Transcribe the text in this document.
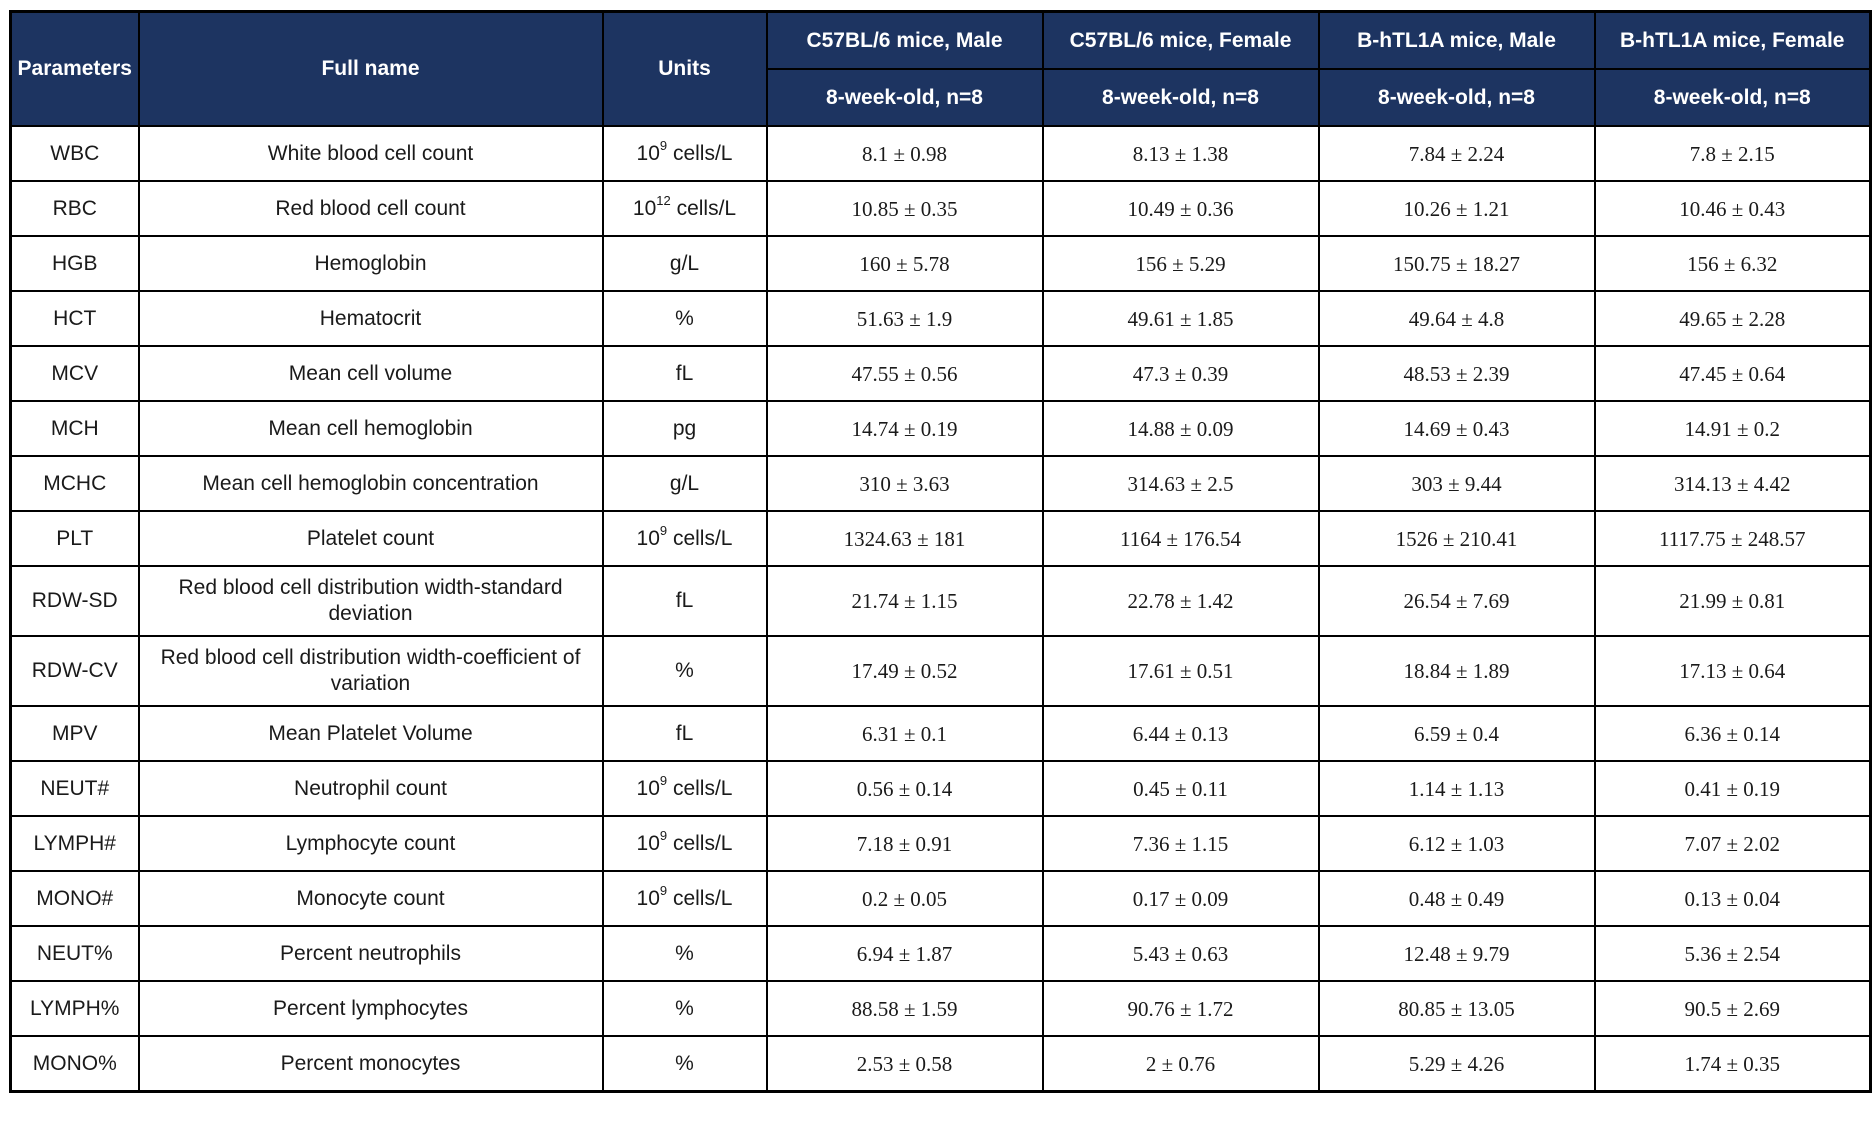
Parameters	Full name	Units	C57BL/6 mice, Male	C57BL/6 mice, Female	B-hTL1A mice, Male	B-hTL1A mice, Female
			8-week-old, n=8	8-week-old, n=8	8-week-old, n=8	8-week-old, n=8
WBC	White blood cell count	$10^9$ cells/L	8.1 ± 0.98	8.13 ± 1.38	7.84 ± 2.24	7.8 ± 2.15
RBC	Red blood cell count	$10^{12}$ cells/L	10.85 ± 0.35	10.49 ± 0.36	10.26 ± 1.21	10.46 ± 0.43
HGB	Hemoglobin	g/L	160 ± 5.78	156 ± 5.29	150.75 ± 18.27	156 ± 6.32
HCT	Hematocrit	%	51.63 ± 1.9	49.61 ± 1.85	49.64 ± 4.8	49.65 ± 2.28
MCV	Mean cell volume	fL	47.55 ± 0.56	47.3 ± 0.39	48.53 ± 2.39	47.45 ± 0.64
MCH	Mean cell hemoglobin	pg	14.74 ± 0.19	14.88 ± 0.09	14.69 ± 0.43	14.91 ± 0.2
MCHC	Mean cell hemoglobin concentration	g/L	310 ± 3.63	314.63 ± 2.5	303 ± 9.44	314.13 ± 4.42
PLT	Platelet count	$10^9$ cells/L	1324.63 ± 181	1164 ± 176.54	1526 ± 210.41	1117.75 ± 248.57
RDW-SD	Red blood cell distribution width-standard deviation	fL	21.74 ± 1.15	22.78 ± 1.42	26.54 ± 7.69	21.99 ± 0.81
RDW-CV	Red blood cell distribution width-coefficient of variation	%	17.49 ± 0.52	17.61 ± 0.51	18.84 ± 1.89	17.13 ± 0.64
MPV	Mean Platelet Volume	fL	6.31 ± 0.1	6.44 ± 0.13	6.59 ± 0.4	6.36 ± 0.14
NEUT#	Neutrophil count	$10^9$ cells/L	0.56 ± 0.14	0.45 ± 0.11	1.14 ± 1.13	0.41 ± 0.19
LYMPH#	Lymphocyte count	$10^9$ cells/L	7.18 ± 0.91	7.36 ± 1.15	6.12 ± 1.03	7.07 ± 2.02
MONO#	Monocyte count	$10^9$ cells/L	0.2 ± 0.05	0.17 ± 0.09	0.48 ± 0.49	0.13 ± 0.04
NEUT%	Percent neutrophils	%	6.94 ± 1.87	5.43 ± 0.63	12.48 ± 9.79	5.36 ± 2.54
LYMPH%	Percent lymphocytes	%	88.58 ± 1.59	90.76 ± 1.72	80.85 ± 13.05	90.5 ± 2.69
MONO%	Percent monocytes	%	2.53 ± 0.58	2 ± 0.76	5.29 ± 4.26	1.74 ± 0.35
